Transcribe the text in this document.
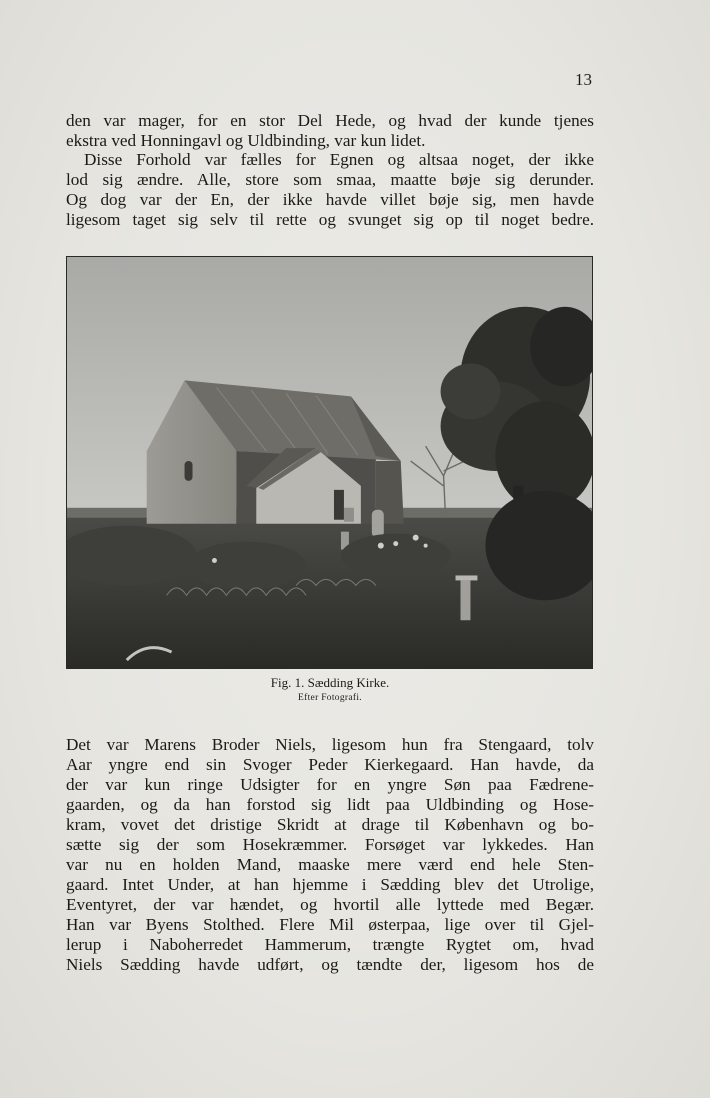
13

den var mager, for en stor Del Hede, og hvad der kunde tjenes
ekstra ved Honningavl og Uldbinding, var kun lidet.

Disse Forhold var fælles for Egnen og altsaa noget, der ikke
lod sig ændre. Alle, store som smaa, maatte bøje sig derunder.
Og dog var der En, der ikke havde villet bøje sig, men havde
ligesom taget sig selv til rette og svunget sig op til noget bedre.

Fig. 1. Sædding Kirke.
Efter Fotografi.

Det var Marens Broder Niels, ligesom hun fra Stengaard, tolv
Aar yngre end sin Svoger Peder Kierkegaard. Han havde, da
der var kun ringe Udsigter for en yngre Søn paa Fædrene-
gaarden, og da han forstod sig lidt paa Uldbinding og Hose-
kram, vovet det dristige Skridt at drage til København og bo-
sætte sig der som Hosekræmmer. Forsøget var lykkedes. Han
var nu en holden Mand, maaske mere værd end hele Sten-
gaard. Intet Under, at han hjemme i Sædding blev det Utrolige,
Eventyret, der var hændet, og hvortil alle lyttede med Begær.
Han var Byens Stolthed. Flere Mil østerpaa, lige over til Gjel-
lerup i Naboherredet Hammerum, trængte Rygtet om, hvad
Niels Sædding havde udført, og tændte der, ligesom hos de
